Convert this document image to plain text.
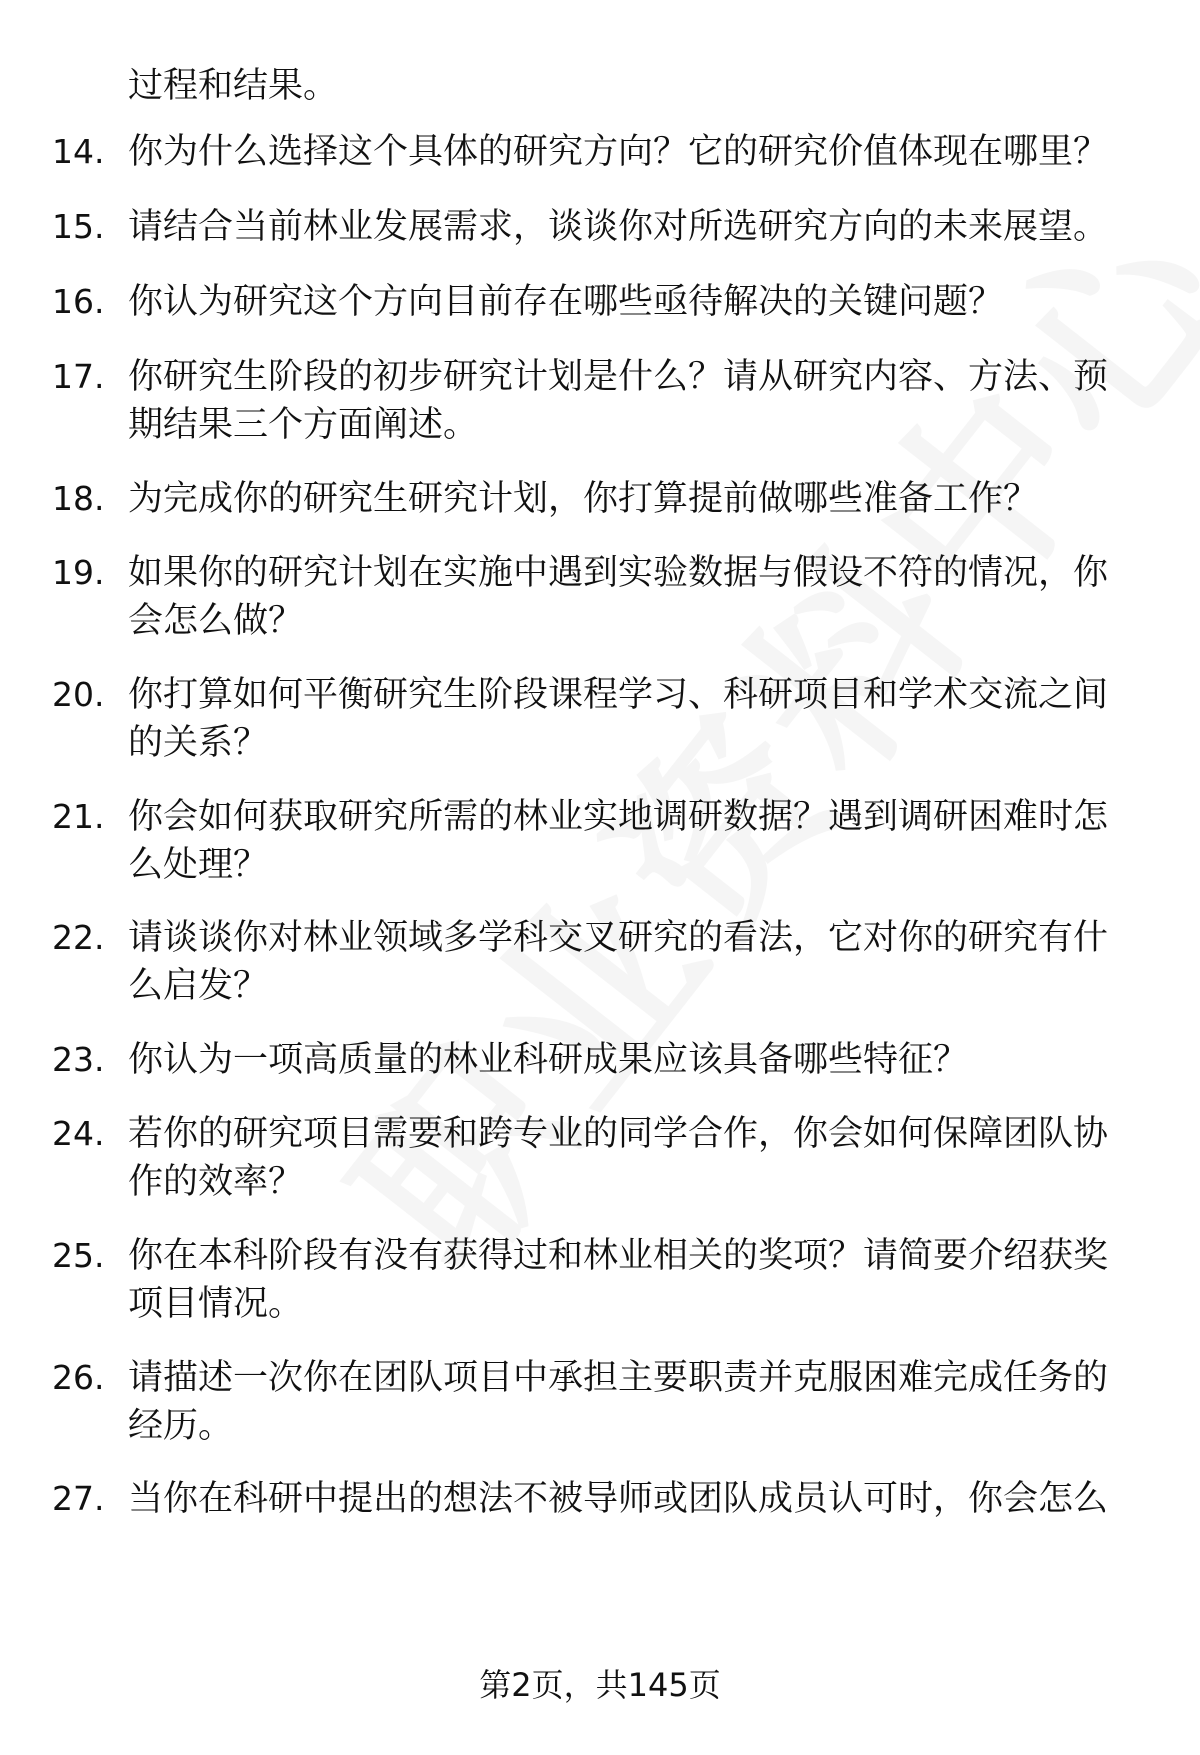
过程和结果。

14. 你为什么选择这个具体的研究方向？它的研究价值体现在哪里？

15. 请结合当前林业发展需求，谈谈你对所选研究方向的未来展望。

16. 你认为研究这个方向目前存在哪些亟待解决的关键问题？

17. 你研究生阶段的初步研究计划是什么？请从研究内容、方法、预期结果三个方面阐述。

18. 为完成你的研究生研究计划，你打算提前做哪些准备工作？

19. 如果你的研究计划在实施中遇到实验数据与假设不符的情况，你会怎么做？

20. 你打算如何平衡研究生阶段课程学习、科研项目和学术交流之间的关系？

21. 你会如何获取研究所需的林业实地调研数据？遇到调研困难时怎么处理？

22. 请谈谈你对林业领域多学科交叉研究的看法，它对你的研究有什么启发？

23. 你认为一项高质量的林业科研成果应该具备哪些特征？

24. 若你的研究项目需要和跨专业的同学合作，你会如何保障团队协作的效率？

25. 你在本科阶段有没有获得过和林业相关的奖项？请简要介绍获奖项目情况。

26. 请描述一次你在团队项目中承担主要职责并克服困难完成任务的经历。

27. 当你在科研中提出的想法不被导师或团队成员认可时，你会怎么

第2页，共145页
